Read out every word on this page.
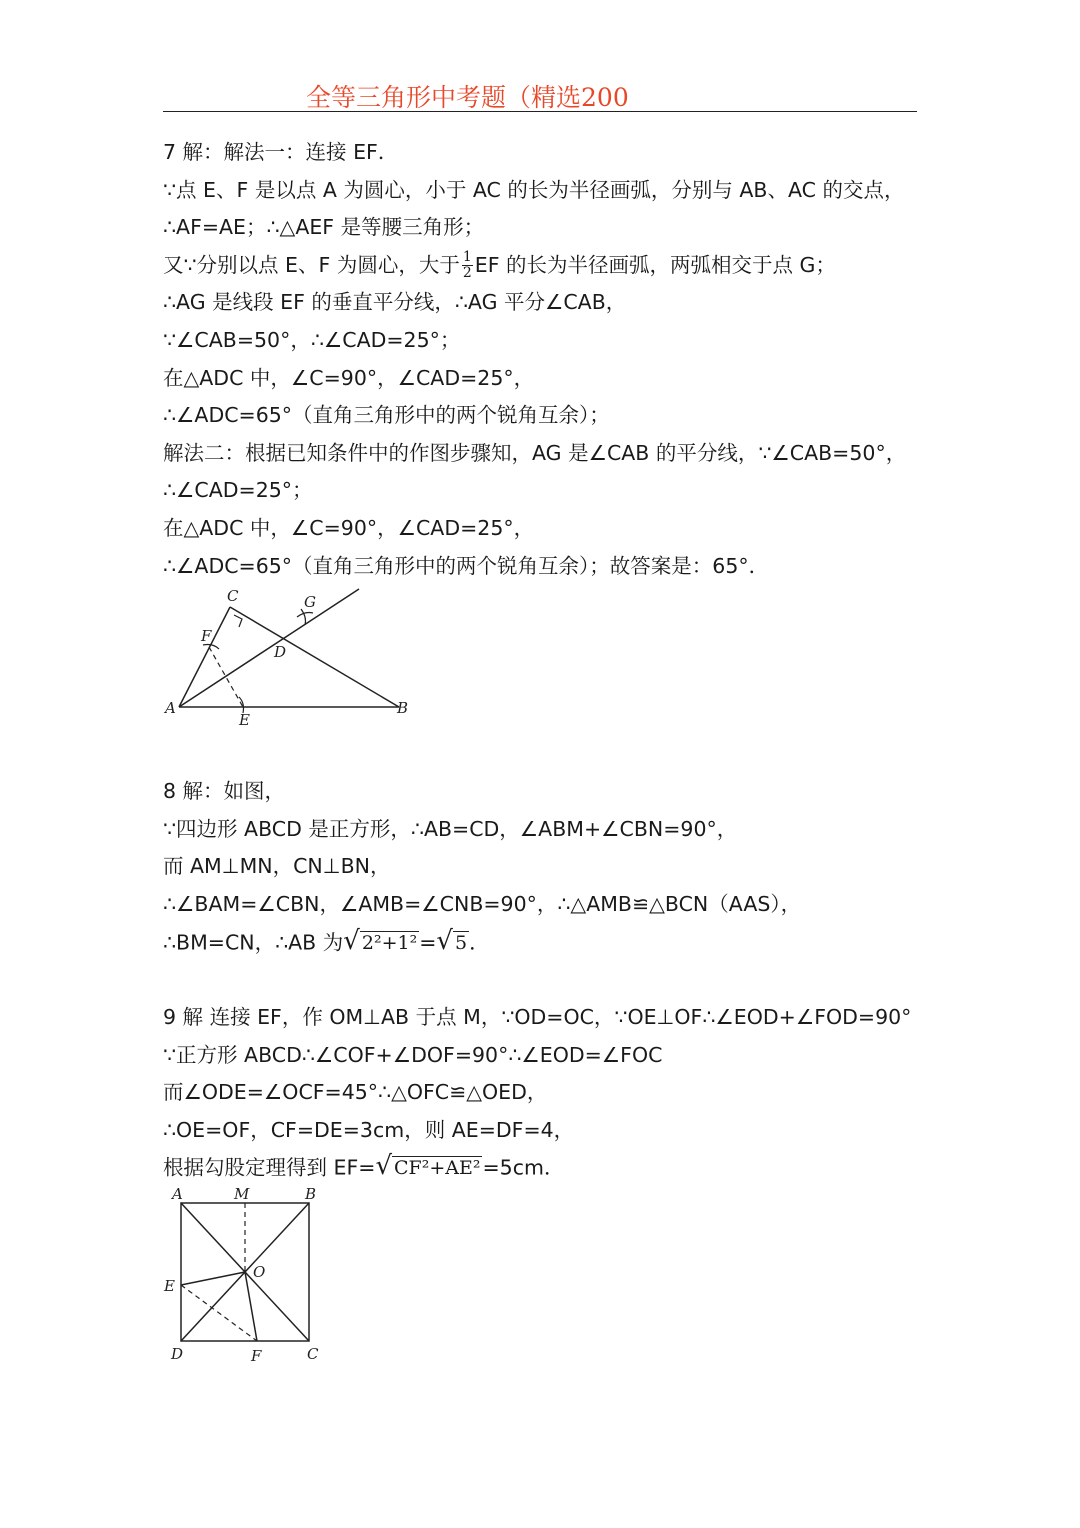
全等三角形中考题（精选200
7 解：解法一：连接 EF．
∵点 E、F 是以点 A 为圆心，小于 AC 的长为半径画弧，分别与 AB、AC 的交点，
∴AF=AE；∴△AEF 是等腰三角形；
又∵分别以点 E、F 为圆心，大于 $\frac{1}{2}$ EF 的长为半径画弧，两弧相交于点 G；
∴AG 是线段 EF 的垂直平分线，∴AG 平分∠CAB，
∵∠CAB=50°，∴∠CAD=25°；
在△ADC 中，∠C=90°，∠CAD=25°，
∴∠ADC=65°（直角三角形中的两个锐角互余）；
解法二：根据已知条件中的作图步骤知，AG 是∠CAB 的平分线，∵∠CAB=50°，
∴∠CAD=25°；
在△ADC 中，∠C=90°，∠CAD=25°，
∴∠ADC=65°（直角三角形中的两个锐角互余）；故答案是：65°．
A	B
C
D
E
F
G
8 解：如图，
∵四边形 ABCD 是正方形，∴AB=CD，∠ABM+∠CBN=90°，
而 AM⊥MN，CN⊥BN，
∴∠BAM=∠CBN，∠AMB=∠CNB=90°，∴△AMB≌△BCN（AAS），
∴BM=CN，∴AB 为√ 2²+1²=√ 5．
9 解 连接 EF，作 OM⊥AB 于点 M，∵OD=OC，∵OE⊥OF∴∠EOD+∠FOD=90°
∵正方形 ABCD∴∠COF+∠DOF=90°∴∠EOD=∠FOC
而∠ODE=∠OCF=45°∴△OFC≌△OED，
∴OE=OF，CF=DE=3cm，则 AE=DF=4，
根据勾股定理得到 EF=√ CF²+AE²=5cm．
A	M	B
E
O
D	F	C
